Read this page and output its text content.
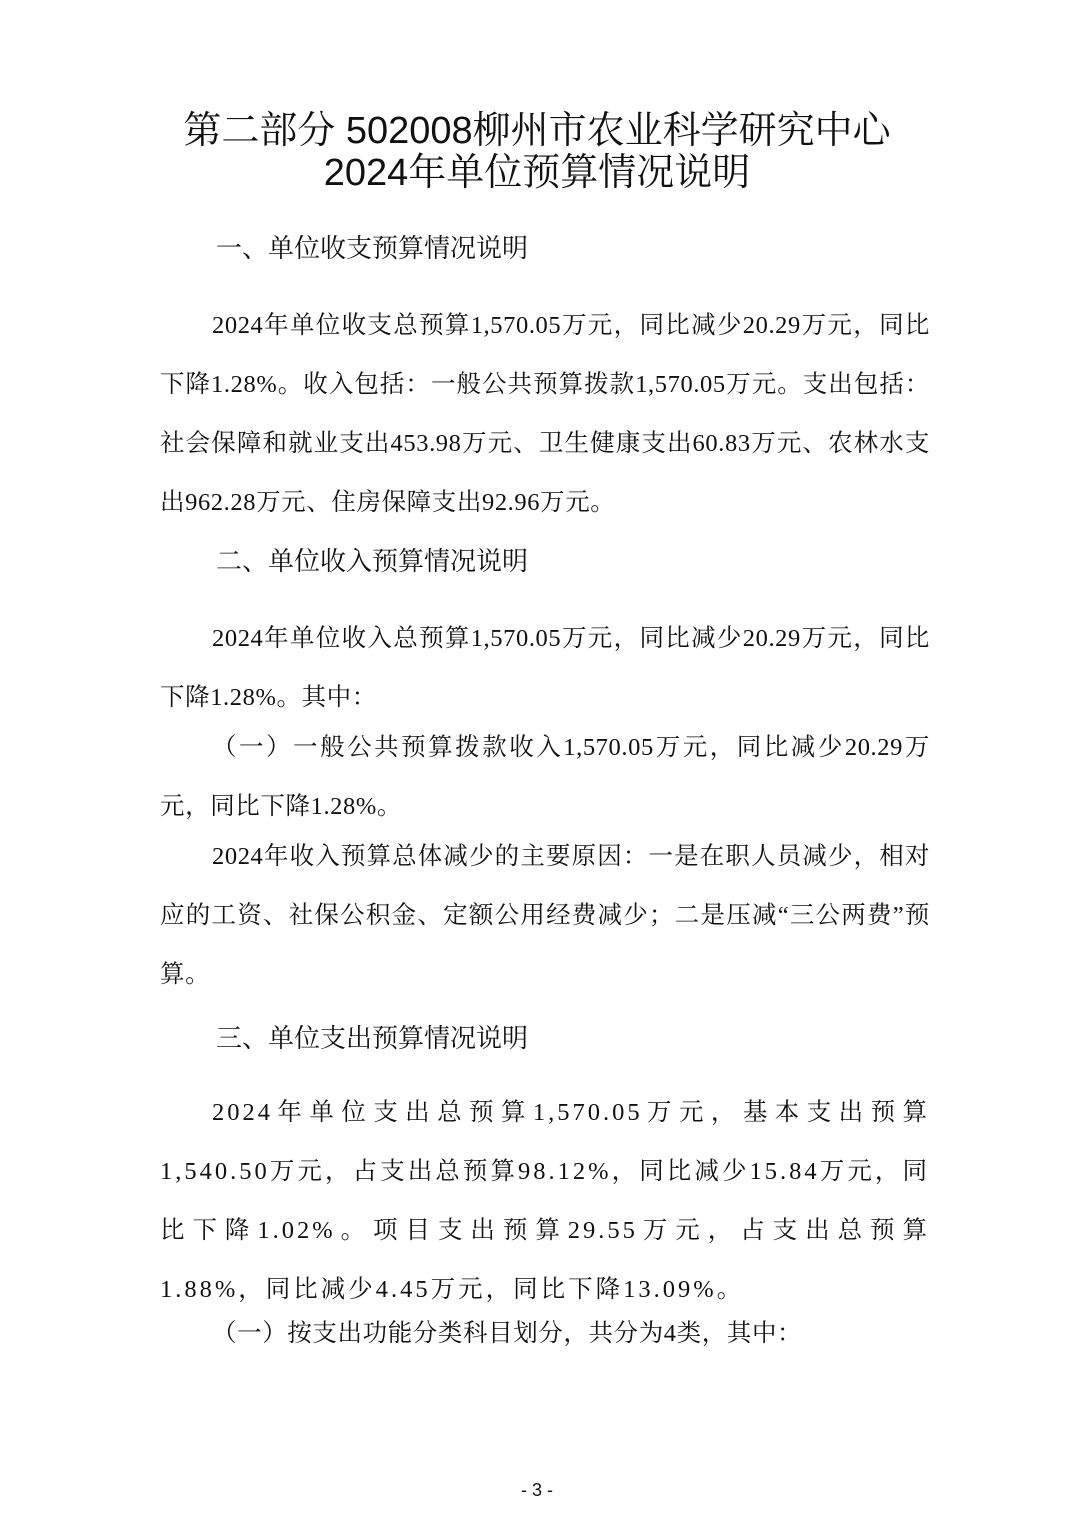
第二部分 502008柳州市农业科学研究中心
2024年单位预算情况说明
一、单位收支预算情况说明

2024年单位收支总预算1,570.05万元，同比减少20.29万元，同比下降1.28%。收入包括：一般公共预算拨款1,570.05万元。支出包括：社会保障和就业支出453.98万元、卫生健康支出60.83万元、农林水支出962.28万元、住房保障支出92.96万元。

二、单位收入预算情况说明

2024年单位收入总预算1,570.05万元，同比减少20.29万元，同比下降1.28%。其中：

（一）一般公共预算拨款收入1,570.05万元，同比减少20.29万元，同比下降1.28%。

2024年收入预算总体减少的主要原因：一是在职人员减少，相对应的工资、社保公积金、定额公用经费减少；二是压减“三公两费”预算。

三、单位支出预算情况说明

2024年单位支出总预算1,570.05万元，基本支出预算1,540.50万元，占支出总预算98.12%，同比减少15.84万元，同比下降1.02%。项目支出预算29.55万元，占支出总预算1.88%，同比减少4.45万元，同比下降13.09%。

（一）按支出功能分类科目划分，共分为4类，其中：

- 3 -
